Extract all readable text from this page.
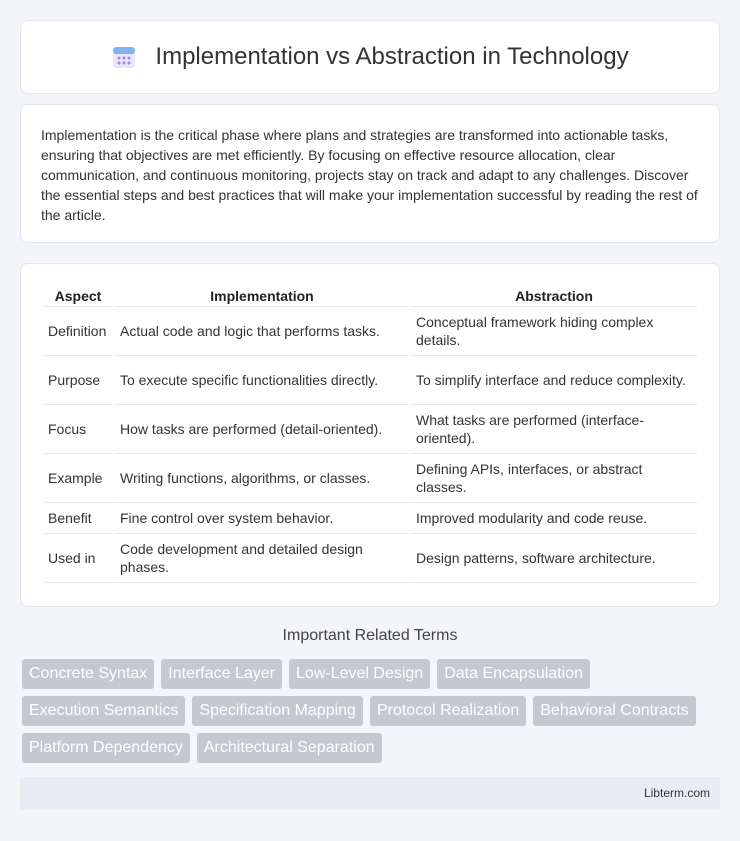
Implementation vs Abstraction in Technology

Implementation is the critical phase where plans and strategies are transformed into actionable tasks, ensuring that objectives are met efficiently. By focusing on effective resource allocation, clear communication, and continuous monitoring, projects stay on track and adapt to any challenges. Discover the essential steps and best practices that will make your implementation successful by reading the rest of the article.

Aspect	Implementation	Abstraction
Definition	Actual code and logic that performs tasks.	Conceptual framework hiding complex details.
Purpose	To execute specific functionalities directly.	To simplify interface and reduce complexity.
Focus	How tasks are performed (detail-oriented).	What tasks are performed (interface-oriented).
Example	Writing functions, algorithms, or classes.	Defining APIs, interfaces, or abstract classes.
Benefit	Fine control over system behavior.	Improved modularity and code reuse.
Used in	Code development and detailed design phases.	Design patterns, software architecture.
Important Related Terms
Concrete Syntax Interface Layer Low-Level Design Data Encapsulation
Execution Semantics Specification Mapping Protocol Realization Behavioral Contracts
Platform Dependency Architectural Separation
Libterm.com
